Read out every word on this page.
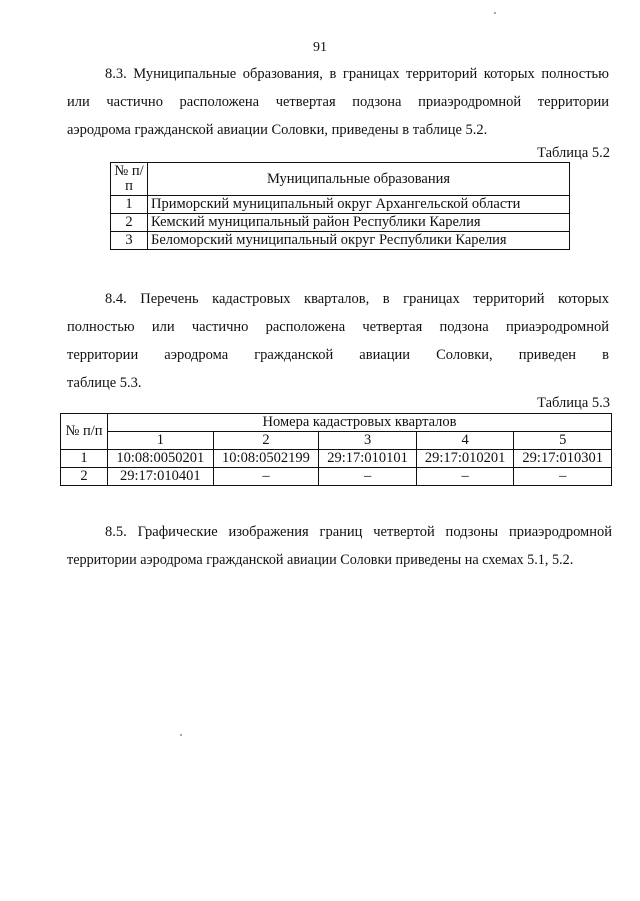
91
8.3. Муниципальные образования, в границах территорий которых полностью
или частично расположена четвертая подзона приаэродромной территории
аэродрома гражданской авиации Соловки, приведены в таблице 5.2.
Таблица 5.2
№ п/п	Муниципальные образования
1	Приморский муниципальный округ Архангельской области
2	Кемский муниципальный район Республики Карелия
3	Беломорский муниципальный округ Республики Карелия
8.4. Перечень кадастровых кварталов, в границах территорий которых
полностью или частично расположена четвертая подзона приаэродромной
территории аэродрома гражданской авиации Соловки, приведен в
таблице 5.3.
Таблица 5.3
№ п/п	Номера кадастровых кварталов				
	1	2	3	4	5
1	10:08:0050201	10:08:0502199	29:17:010101	29:17:010201	29:17:010301
2	29:17:010401	–	–	–	–
8.5. Графические изображения границ четвертой подзоны приаэродромной
территории аэродрома гражданской авиации Соловки приведены на схемах 5.1, 5.2.
